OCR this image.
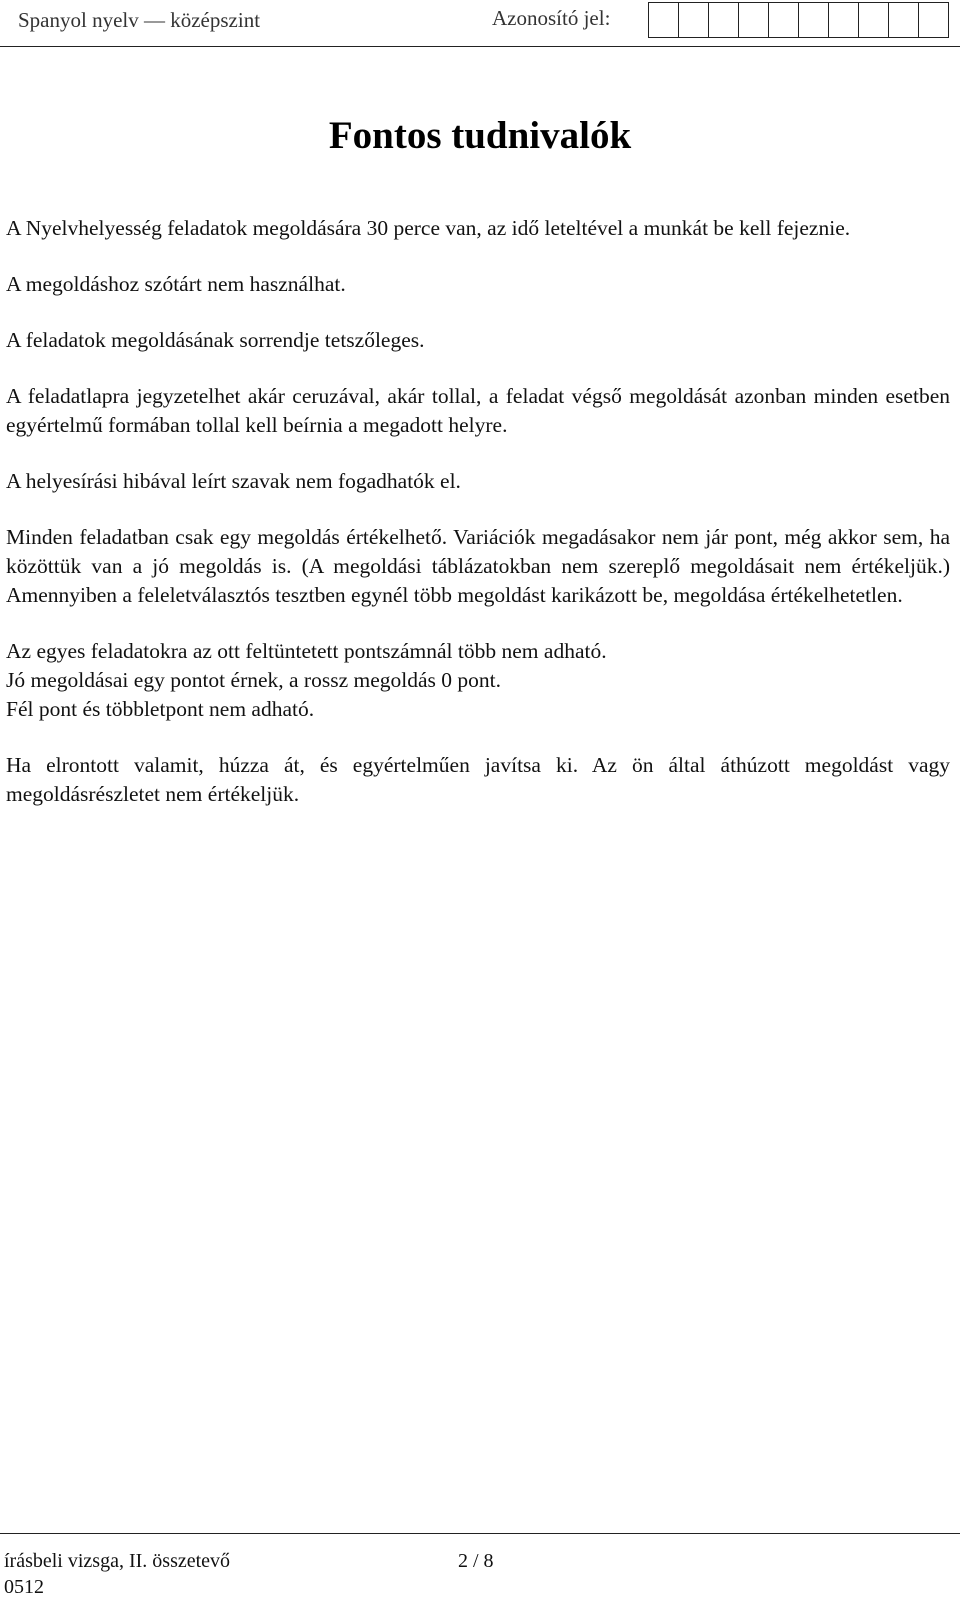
Spanyol nyelv — középszint	Azonosító jel:
Fontos tudnivalók

A Nyelvhelyesség feladatok megoldására 30 perce van, az idő leteltével a munkát be kell fejeznie.

A megoldáshoz szótárt nem használhat.

A feladatok megoldásának sorrendje tetszőleges.

A feladatlapra jegyzetelhet akár ceruzával, akár tollal, a feladat végső megoldását azonban minden esetben egyértelmű formában tollal kell beírnia a megadott helyre.

A helyesírási hibával leírt szavak nem fogadhatók el.

Minden feladatban csak egy megoldás értékelhető. Variációk megadásakor nem jár pont, még akkor sem, ha közöttük van a jó megoldás is. (A megoldási táblázatokban nem szereplő megoldásait nem értékeljük.) Amennyiben a feleletválasztós tesztben egynél több megoldást karikázott be, megoldása értékelhetetlen.

Az egyes feladatokra az ott feltüntetett pontszámnál több nem adható.

Jó megoldásai egy pontot érnek, a rossz megoldás 0 pont.

Fél pont és többletpont nem adható.

Ha elrontott valamit, húzza át, és egyértelműen javítsa ki. Az ön által áthúzott megoldást vagy megoldásrészletet nem értékeljük.

írásbeli vizsga, II. összetevő
0512
2 / 8
